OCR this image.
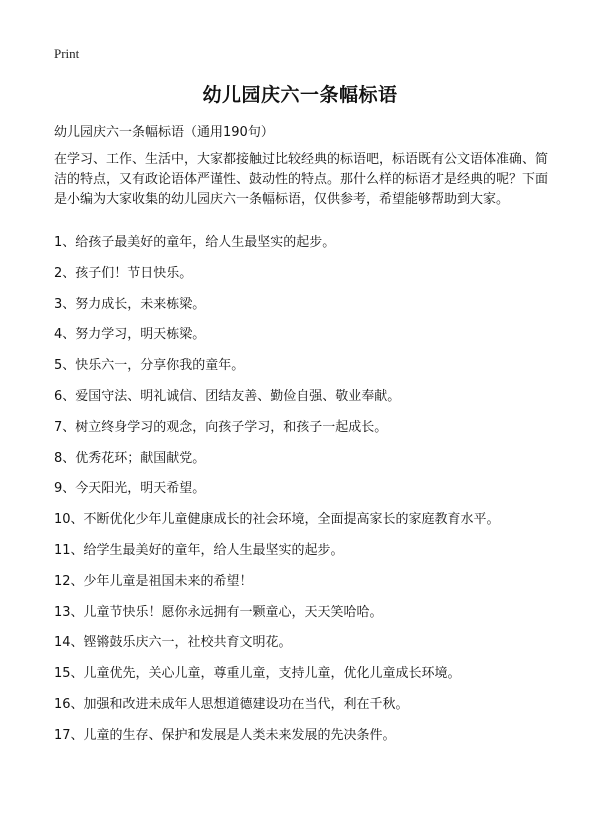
Print
幼儿园庆六一条幅标语
幼儿园庆六一条幅标语（通用190句）
在学习、工作、生活中，大家都接触过比较经典的标语吧，标语既有公文语体准确、简洁的特点，又有政论语体严谨性、鼓动性的特点。那什么样的标语才是经典的呢？下面是小编为大家收集的幼儿园庆六一条幅标语，仅供参考，希望能够帮助到大家。
1、给孩子最美好的童年，给人生最坚实的起步。
2、孩子们！节日快乐。
3、努力成长，未来栋梁。
4、努力学习，明天栋梁。
5、快乐六一，分享你我的童年。
6、爱国守法、明礼诚信、团结友善、勤俭自强、敬业奉献。
7、树立终身学习的观念，向孩子学习，和孩子一起成长。
8、优秀花环；献国献党。
9、今天阳光，明天希望。
10、不断优化少年儿童健康成长的社会环境，全面提高家长的家庭教育水平。
11、给学生最美好的童年，给人生最坚实的起步。
12、少年儿童是祖国未来的希望！
13、儿童节快乐！愿你永远拥有一颗童心，天天笑哈哈。
14、铿锵鼓乐庆六一，社校共育文明花。
15、儿童优先，关心儿童，尊重儿童，支持儿童，优化儿童成长环境。
16、加强和改进未成年人思想道德建设功在当代，利在千秋。
17、儿童的生存、保护和发展是人类未来发展的先决条件。
